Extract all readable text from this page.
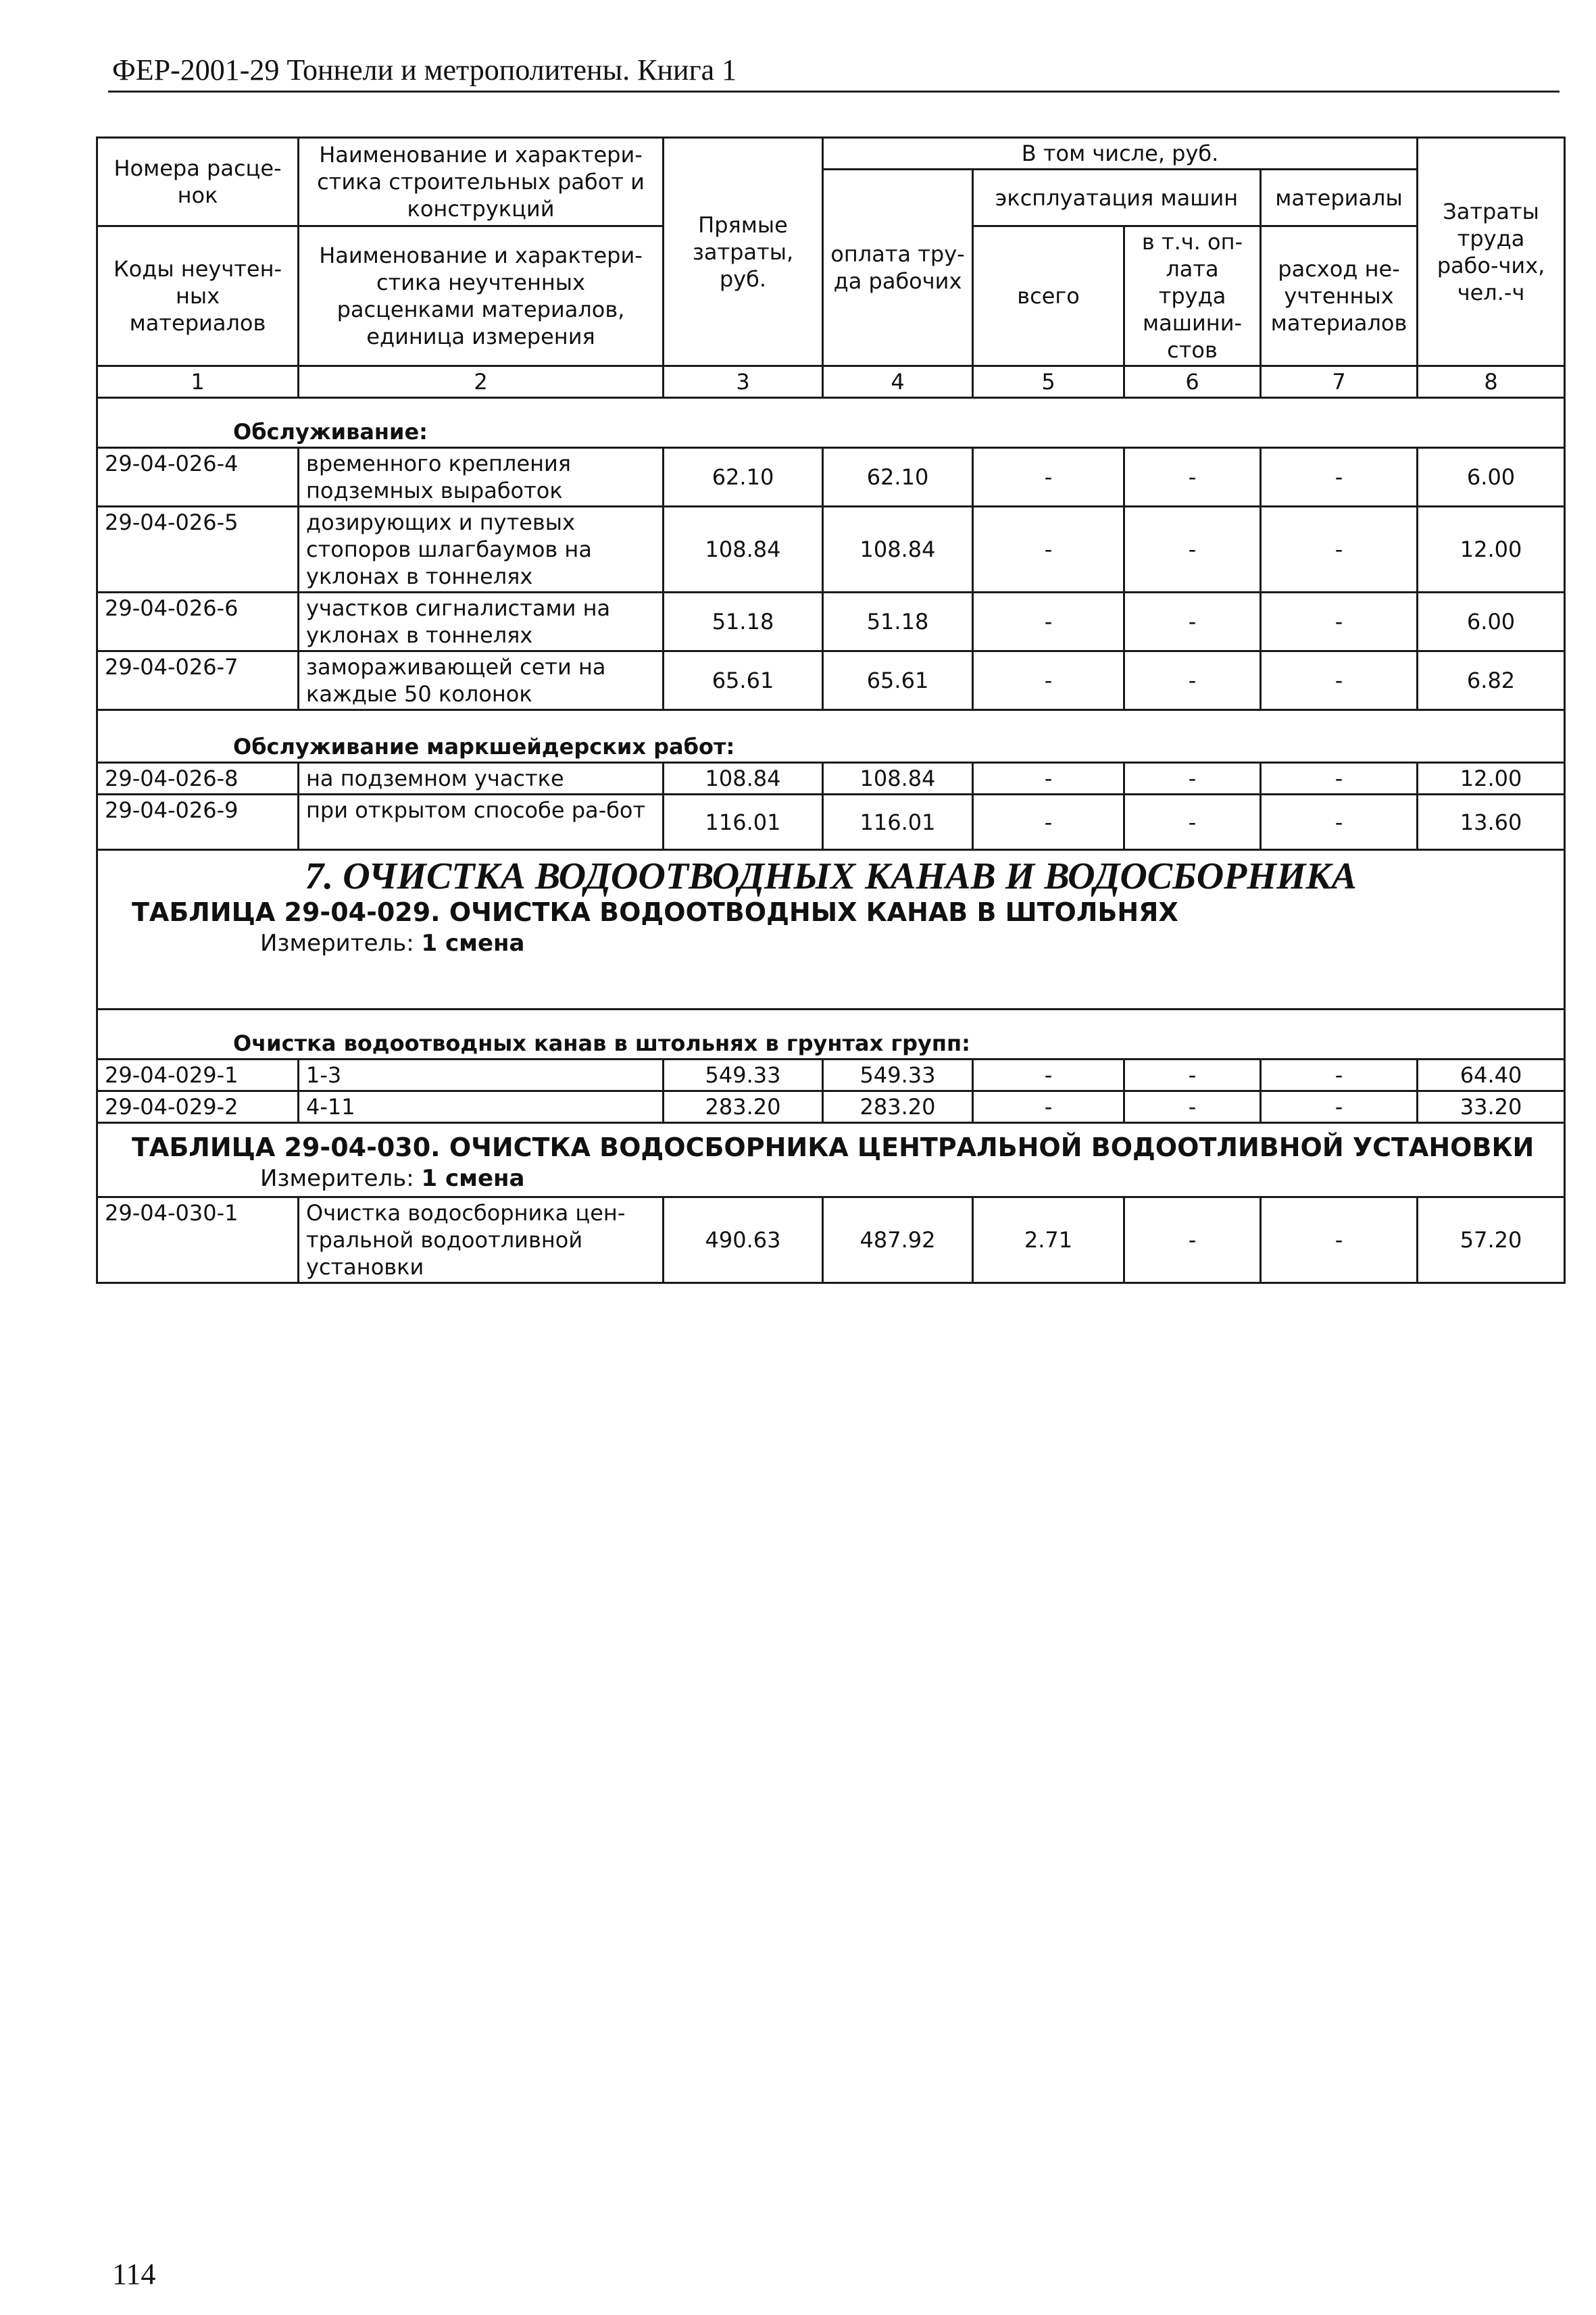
ФЕР-2001-29 Тоннели и метрополитены. Книга 1
Номера расце-нок	Наименование и характери-стика строительных работ и конструкций	Прямые затраты, руб.	В том числе, руб.				Затраты труда рабо-чих, чел.-ч
			оплата тру-да рабочих	эксплуатация машин		материалы	
Коды неучтен-ных материалов	Наименование и характери-стика неучтенных расценками материалов, единица измерения			всего	в т.ч. оп-лата труда машини-стов	расход не-учтенных материалов	

1	2	3	4	5	6	7	8
Обслуживание:							
29-04-026-4	временного крепления подземных выработок	62.10	62.10	-	-	-	6.00
29-04-026-5	дозирующих и путевых стопоров шлагбаумов на уклонах в тоннелях	108.84	108.84	-	-	-	12.00
29-04-026-6	участков сигналистами на уклонах в тоннелях	51.18	51.18	-	-	-	6.00
29-04-026-7	замораживающей сети на каждые 50 колонок	65.61	65.61	-	-	-	6.82
Обслуживание маркшейдерских работ:							
29-04-026-8	на подземном участке	108.84	108.84	-	-	-	12.00
29-04-026-9	при открытом способе ра-бот	116.01	116.01	-	-	-	13.60

7. ОЧИСТКА ВОДООТВОДНЫХ КАНАВ И ВОДОСБОРНИКА
ТАБЛИЦА 29-04-029. ОЧИСТКА ВОДООТВОДНЫХ КАНАВ В ШТОЛЬНЯХ
Измеритель: 1 смена							

Очистка водоотводных канав в штольнях в грунтах групп:							
29-04-029-1	1-3	549.33	549.33	-	-	-	64.40
29-04-029-2	4-11	283.20	283.20	-	-	-	33.20

ТАБЛИЦА 29-04-030. ОЧИСТКА ВОДОСБОРНИКА ЦЕНТРАЛЬНОЙ ВОДООТЛИВНОЙ УСТАНОВКИ
Измеритель: 1 смена							

29-04-030-1	Очистка водосборника цен-тральной водоотливной установки	490.63	487.92	2.71	-	-	57.20
114
